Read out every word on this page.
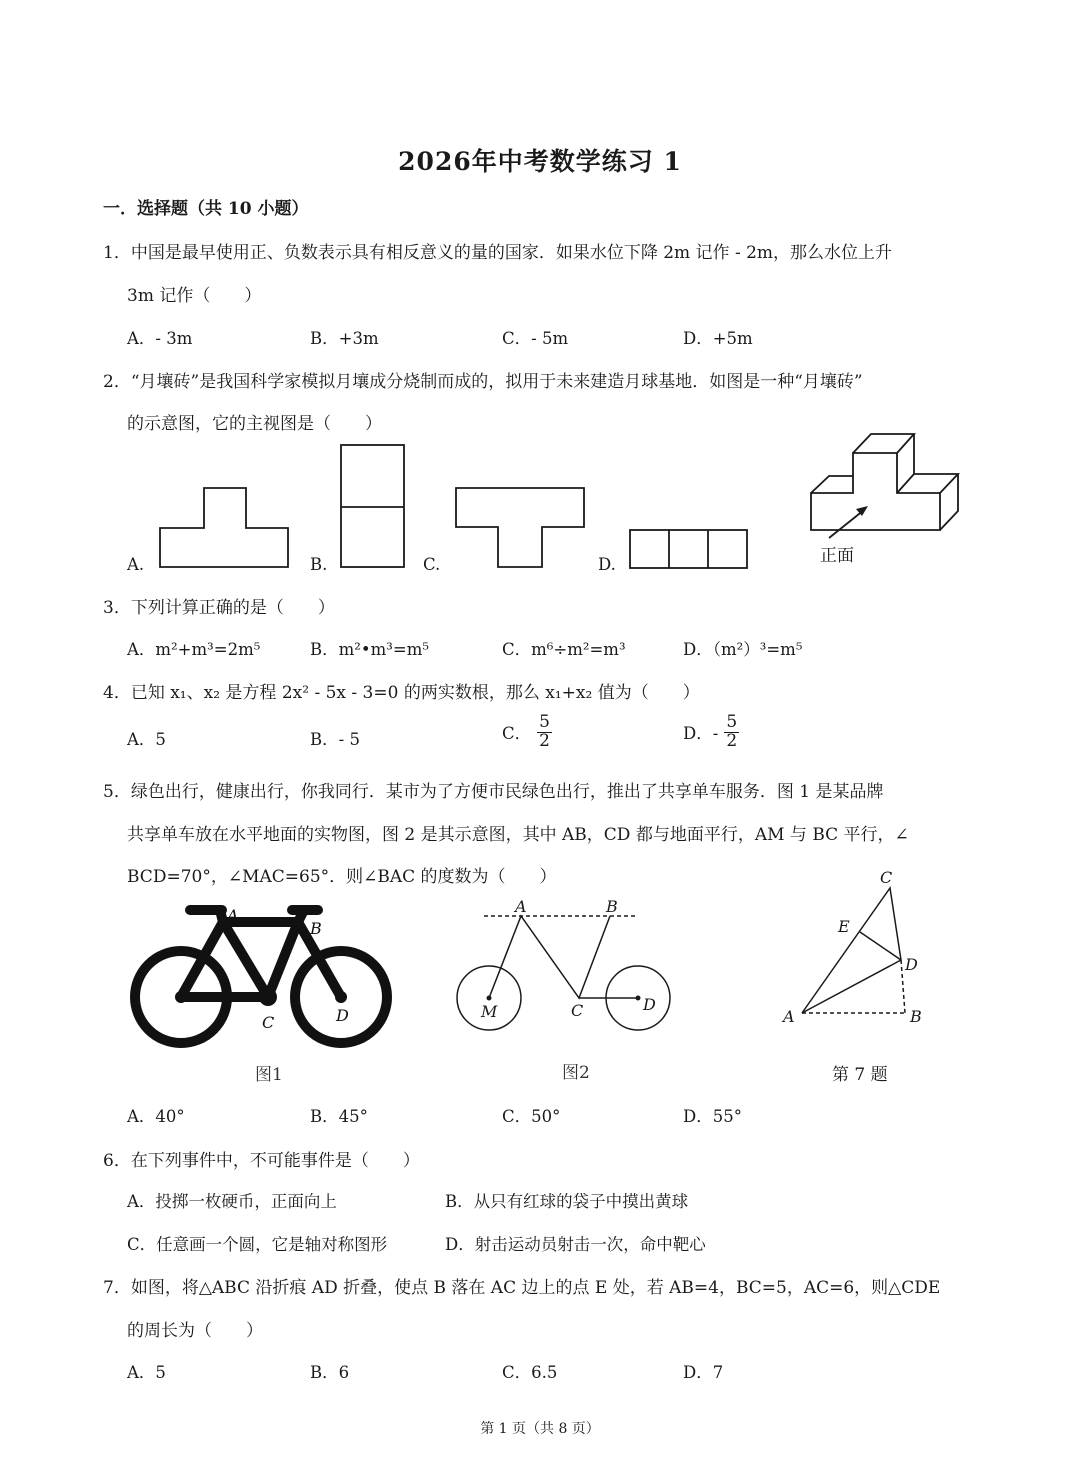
2026年中考数学练习 1
一．选择题（共 10 小题）
1．中国是最早使用正、负数表示具有相反意义的量的国家．如果水位下降 2m 记作 - 2m，那么水位上升
3m 记作（　　）
A．- 3m	B．+3m	C．- 5m	D．+5m
2．“月壤砖”是我国科学家模拟月壤成分烧制而成的，拟用于未来建造月球基地．如图是一种“月壤砖”
的示意图，它的主视图是（　　）
A.	B.	C.	D.	正面
3．下列计算正确的是（　　）
A．m²+m³=2m⁵	B．m²•m³=m⁵	C．m⁶÷m²=m³	D．（m²）³=m⁵
4．已知 x₁、x₂ 是方程 2x² - 5x - 3=0 的两实数根，那么 x₁+x₂ 值为（　　）
A．5	B．- 5	C． $\frac{5}{2}$	D．- $\frac{5}{2}$
5．绿色出行，健康出行，你我同行．某市为了方便市民绿色出行，推出了共享单车服务．图 1 是某品牌
共享单车放在水平地面的实物图，图 2 是其示意图，其中 AB，CD 都与地面平行，AM 与 BC 平行，∠
BCD=70°，∠MAC=65°．则∠BAC 的度数为（　　）
A
B
C	D
图1
A	B
M	C	D
图2
C
E
D
A	B
第 7 题
A．40°	B．45°	C．50°	D．55°
6．在下列事件中，不可能事件是（　　）
A．投掷一枚硬币，正面向上	B．从只有红球的袋子中摸出黄球
C．任意画一个圆，它是轴对称图形	D．射击运动员射击一次，命中靶心
7．如图，将△ABC 沿折痕 AD 折叠，使点 B 落在 AC 边上的点 E 处，若 AB=4，BC=5，AC=6，则△CDE
的周长为（　　）
A．5	B．6	C．6.5	D．7
第 1 页（共 8 页）
